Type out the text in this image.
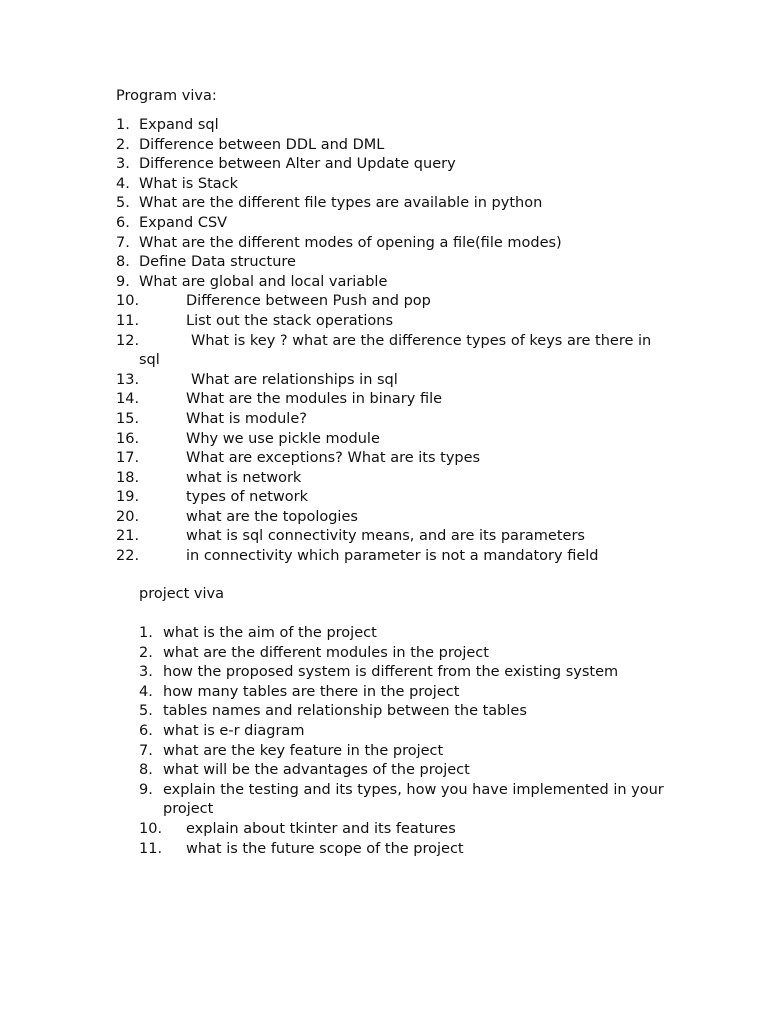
Program viva:
1. Expand sql
2. Difference between DDL and DML
3. Difference between Alter and Update query
4. What is Stack
5. What are the different file types are available in python
6. Expand CSV
7. What are the different modes of opening a file(file modes)
8. Define Data structure
9. What are global and local variable
10.	Difference between Push and pop
11.	List out the stack operations
12.	What is key ? what are the difference types of keys are there in sql
13.	What are relationships in sql
14.	What are the modules in binary file
15.	What is module?
16.	Why we use pickle module
17.	What are exceptions? What are its types
18.	what is network
19.	types of network
20.	what are the topologies
21.	what is sql connectivity means, and are its parameters
22.	in connectivity which parameter is not a mandatory field
project viva
1. what is the aim of the project
2. what are the different modules in the project
3. how the proposed system is different from the existing system
4. how many tables are there in the project
5. tables names and relationship between the tables
6. what is e-r diagram
7. what are the key feature in the project
8. what will be the advantages of the project
9. explain the testing and its types, how you have implemented in your project
10.	explain about tkinter and its features
11.	what is the future scope of the project
